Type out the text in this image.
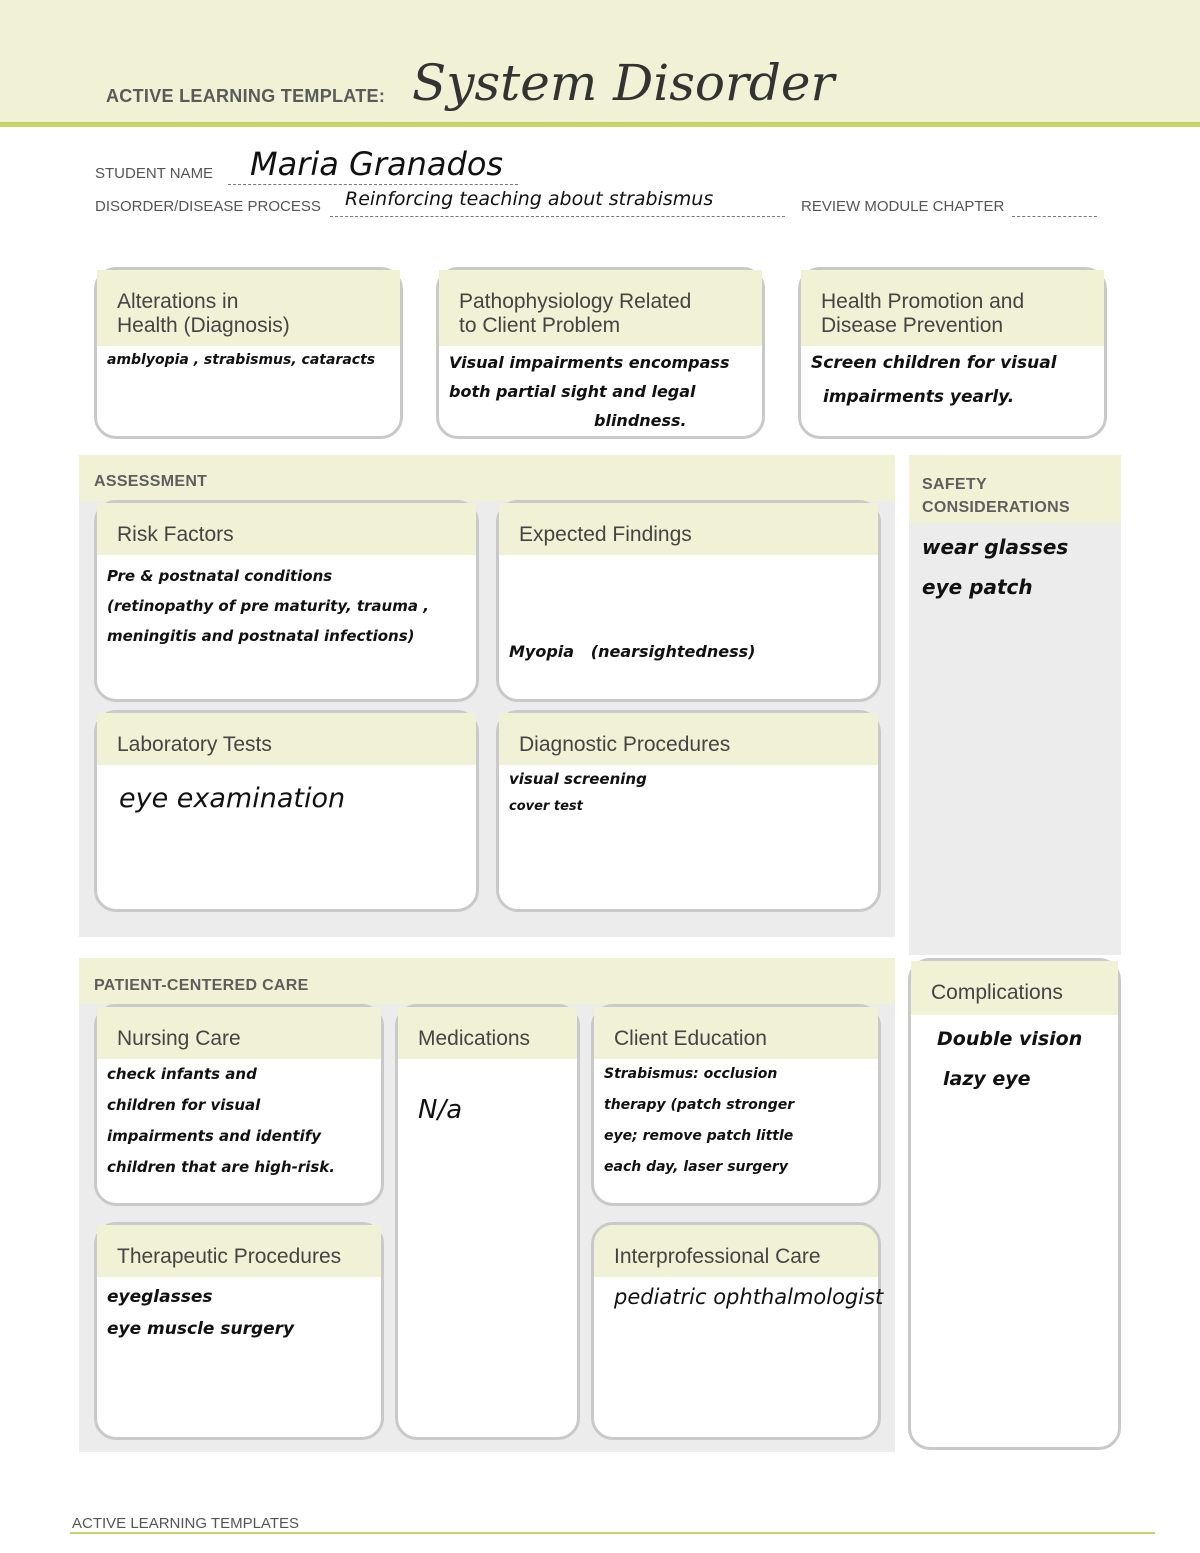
ACTIVE LEARNING TEMPLATE: System Disorder
STUDENT NAME Maria Granados
DISORDER/DISEASE PROCESS Reinforcing teaching about strabismus	REVIEW MODULE CHAPTER
Alterations in
Health (Diagnosis)
amblyopia , strabismus, cataracts
Pathophysiology Related
to Client Problem
Visual impairments encompass
both partial sight and legal
blindness.
Health Promotion and
Disease Prevention
Screen children for visual
impairments yearly.
ASSESSMENT
Risk Factors
Pre & postnatal conditions
(retinopathy of pre maturity, trauma ,
meningitis and postnatal infections)
Expected Findings

Myopia   (nearsightedness)

Laboratory Tests
eye examination
Diagnostic Procedures
visual screening
cover test
SAFETY
CONSIDERATIONS
wear glasses
eye patch
Complications
Double vision
lazy eye
PATIENT-CENTERED CARE
Nursing Care
check infants and
children for visual
impairments and identify
children that are high-risk.
Medications
N/a
Client Education
Strabismus: occlusion
therapy (patch stronger
eye; remove patch little
each day, laser surgery
Therapeutic Procedures
eyeglasses
eye muscle surgery
Interprofessional Care
pediatric ophthalmologist
ACTIVE LEARNING TEMPLATES
